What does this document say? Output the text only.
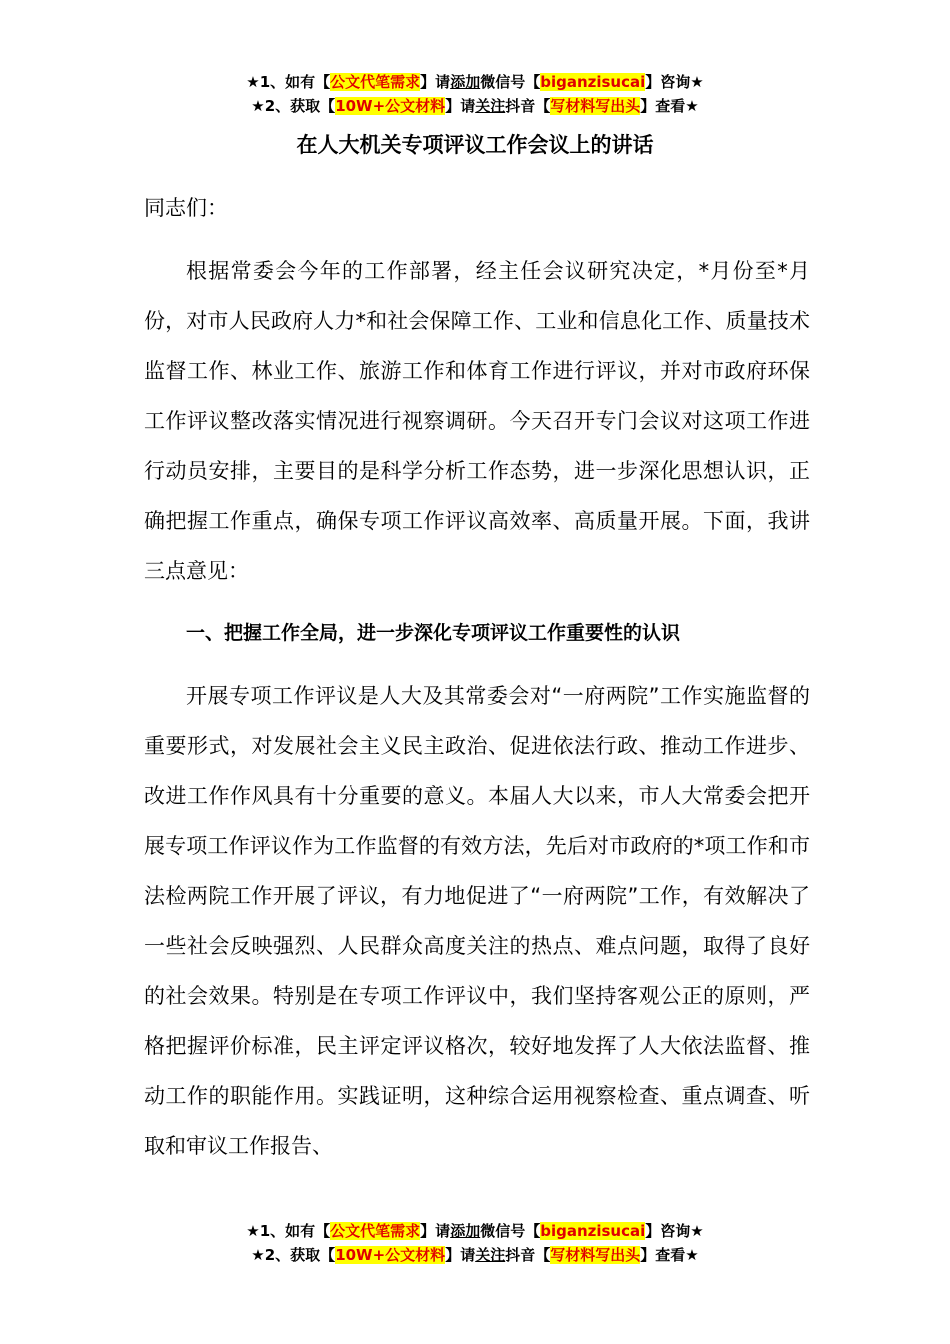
★1、如有【公文代笔需求】请添加微信号【biganzisucai】咨询★
★2、获取【10W+公文材料】请关注抖音【写材料写出头】查看★
在人大机关专项评议工作会议上的讲话
同志们：

根据常委会今年的工作部署，经主任会议研究决定，*月份至*月份，对市人民政府人力*和社会保障工作、工业和信息化工作、质量技术监督工作、林业工作、旅游工作和体育工作进行评议，并对市政府环保工作评议整改落实情况进行视察调研。今天召开专门会议对这项工作进行动员安排，主要目的是科学分析工作态势，进一步深化思想认识，正确把握工作重点，确保专项工作评议高效率、高质量开展。下面，我讲三点意见：

一、把握工作全局，进一步深化专项评议工作重要性的认识

开展专项工作评议是人大及其常委会对“一府两院”工作实施监督的重要形式，对发展社会主义民主政治、促进依法行政、推动工作进步、改进工作作风具有十分重要的意义。本届人大以来，市人大常委会把开展专项工作评议作为工作监督的有效方法，先后对市政府的*项工作和市法检两院工作开展了评议，有力地促进了“一府两院”工作，有效解决了一些社会反映强烈、人民群众高度关注的热点、难点问题，取得了良好的社会效果。特别是在专项工作评议中，我们坚持客观公正的原则，严格把握评价标准，民主评定评议格次，较好地发挥了人大依法监督、推动工作的职能作用。实践证明，这种综合运用视察检查、重点调查、听取和审议工作报告、

★1、如有【公文代笔需求】请添加微信号【biganzisucai】咨询★
★2、获取【10W+公文材料】请关注抖音【写材料写出头】查看★
